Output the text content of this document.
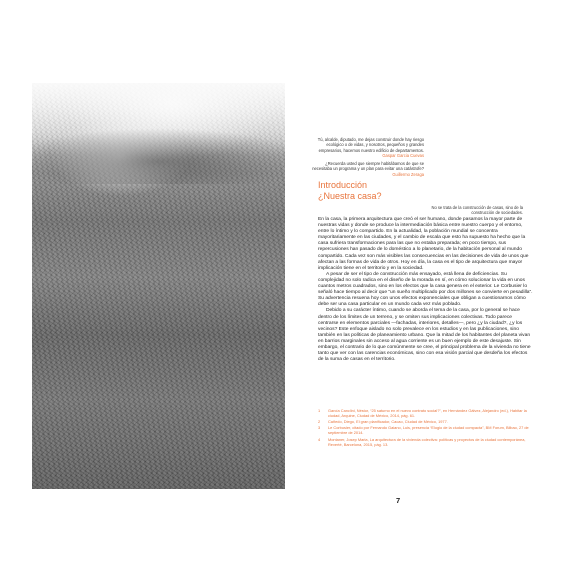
Tú, alcalde, diputado, me dejas construir donde hay riesgo
ecológico o de vidas, y nosotros, pequeños y grandes
empresarios, hacemos nuestro edificio de departamentos.
Gaspar Garcia Cuevas
¿Recuerda usted que siempre habitábamos de que se
necesitaba un programa y un plan para evitar una catástrofe?
Guillermo Zeraga
Introducción
¿Nuestra casa?
No se trata de la construcción de casas, sino de la construcción de sociedades.

En la casa, la primera arquitectura que creó el ser humano, donde pasamos la mayor parte de nuestras vidas y donde se produce la intermediación básica entre nuestro cuerpo y el entorno, entre lo íntimo y lo compartido. En la actualidad, la población mundial se concentra mayoritariamente en las ciudades, y el cambio de escala que esto ha supuesto ha hecho que la casa sufriera transformaciones para las que no estaba preparada; en poco tiempo, sus repercusiones han pasado de lo doméstico a lo planetario, de la habitación personal al mundo compartido. Cada vez son más visibles las consecuencias en las decisiones de vida de unos que afectan a las formas de vida de otros. Hoy en día, la casa es el tipo de arquitectura que mayor implicación tiene en el territorio y en la sociedad.

A pesar de ser el tipo de construcción más ensayado, está llena de deficiencias. Su complejidad no solo radica en el diseño de la morada en sí, en cómo solucionar la vida en unos cuantos metros cuadrados, sino en los efectos que la casa genera en el exterior. Le Corbusier lo señaló hace tiempo al decir que “un sueño multiplicado por dos millones se convierte en pesadilla”. Su advertencia resuena hoy con unos efectos exponenciales que obligan a cuestionarnos cómo debe ser una casa particular en un mundo cada vez más poblado.

Debido a su carácter íntimo, cuando se aborda el tema de la casa, por lo general se hace dentro de los límites de un terreno, y se omiten sus implicaciones colectivas. Todo parece centrarse en elementos parciales —fachadas, interiores, detalles—, pero ¿y la ciudad?, ¿y los vecinos? Este enfoque aislado no solo prevalece en los estudios y en las publicaciones, sino también en las políticas de planeamiento urbano. Que la mitad de los habitantes del planeta vivan en barrios marginales sin acceso al agua corriente es un buen ejemplo de este desajuste. Sin embargo, el contrario de lo que comúnmente se cree, el principal problema de la vivienda no tiene tanto que ver con las carencias económicas, sino con esa visión parcial que desdeña los efectos de la suma de casas en el territorio.

1	García Canclini, Néstor, “25 saturno en el nuevo contrato social?”, en Hernández Gálvez, Alejandro (ed.), Habitar la ciudad, Arquine, Ciudad de México, 2014, pág. 61.
2	Cañedo, Diego, El gran planificador, Cacao, Ciudad de México, 1977.
3	Le Corbusier, citado por Fernando Gaiano, Luis, presencia “Elogio de la ciudad compacta”, BM Forum, Bilbao, 27 de septiembre de 2014.
4	Montaner, Josep Maria, La arquitectura de la vivienda colectiva: políticas y proyectos de la ciudad contemporánea, Reverté, Barcelona, 2015, pág. 13.
7
